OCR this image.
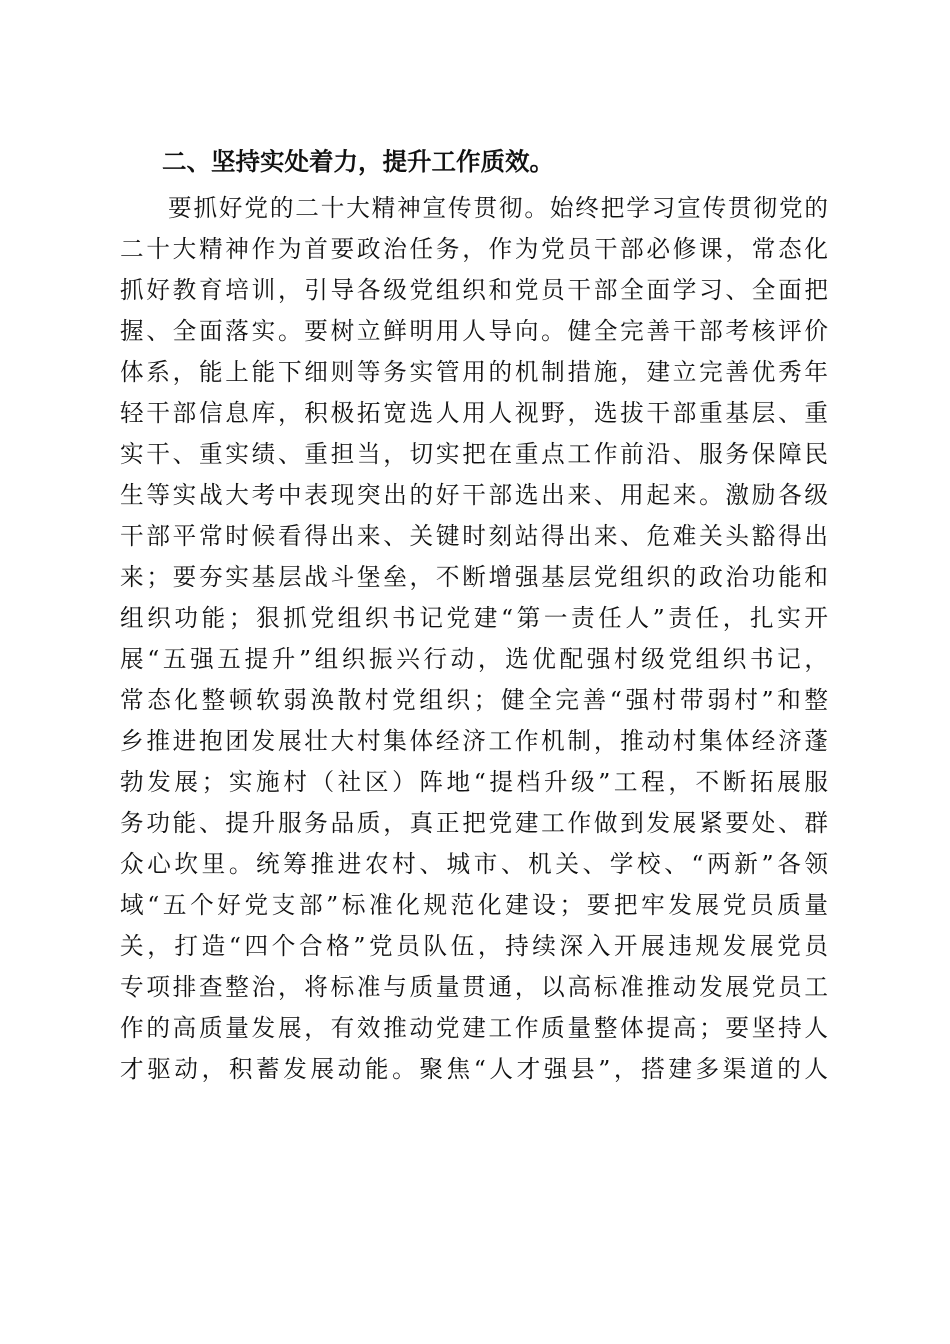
二、坚持实处着力，提升工作质效。
要抓好党的二十大精神宣传贯彻。始终把学习宣传贯彻党的
二十大精神作为首要政治任务，作为党员干部必修课，常态化
抓好教育培训，引导各级党组织和党员干部全面学习、全面把
握、全面落实。要树立鲜明用人导向。健全完善干部考核评价
体系，能上能下细则等务实管用的机制措施，建立完善优秀年
轻干部信息库，积极拓宽选人用人视野，选拔干部重基层、重
实干、重实绩、重担当，切实把在重点工作前沿、服务保障民
生等实战大考中表现突出的好干部选出来、用起来。激励各级
干部平常时候看得出来、关键时刻站得出来、危难关头豁得出
来；要夯实基层战斗堡垒，不断增强基层党组织的政治功能和
组织功能；狠抓党组织书记党建“第一责任人”责任，扎实开
展“五强五提升”组织振兴行动，选优配强村级党组织书记，
常态化整顿软弱涣散村党组织；健全完善“强村带弱村”和整
乡推进抱团发展壮大村集体经济工作机制，推动村集体经济蓬
勃发展；实施村（社区）阵地“提档升级”工程，不断拓展服
务功能、提升服务品质，真正把党建工作做到发展紧要处、群
众心坎里。统筹推进农村、城市、机关、学校、“两新”各领
域“五个好党支部”标准化规范化建设；要把牢发展党员质量
关，打造“四个合格”党员队伍，持续深入开展违规发展党员
专项排查整治，将标准与质量贯通，以高标准推动发展党员工
作的高质量发展，有效推动党建工作质量整体提高；要坚持人
才驱动，积蓄发展动能。聚焦“人才强县”，搭建多渠道的人
